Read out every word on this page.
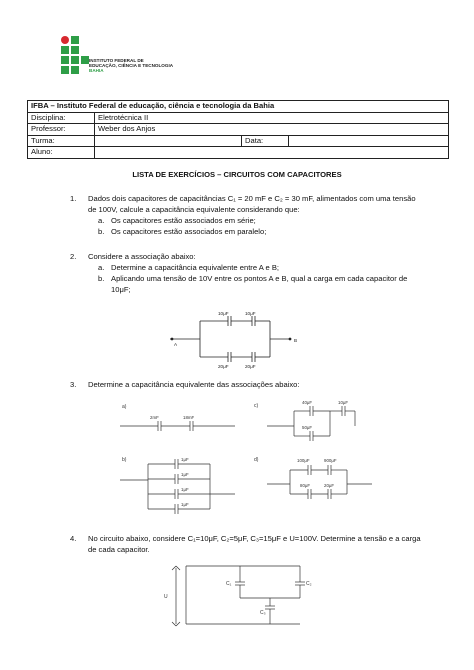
INSTITUTO FEDERAL DE
EDUCAÇÃO, CIÊNCIA E TECNOLOGIA
BAHIA
IFBA – Instituto Federal de educação, ciência e tecnologia da Bahia			
Disciplina:	Eletrotécnica II		
Professor:	Weber dos Anjos		
Turma:		Data:	
Aluno:			
LISTA DE EXERCÍCIOS – CIRCUITOS COM CAPACITORES
1. Dados dois capacitores de capacitâncias C₁ = 20 mF e C₂ = 30 mF, alimentados com uma tensão
de 100V, calcule a capacitância equivalente considerando que:
a. Os capacitores estão associados em série;
b. Os capacitores estão associados em paralelo;
2. Considere a associação abaixo:
a. Determine a capacitância equivalente entre A e B;
b. Aplicando uma tensão de 10V entre os pontos A e B, qual a carga em cada capacitor de
10μF;
10μF	10μF
20μF	20μF
A
B
3. Determine a capacitância equivalente das associações abaixo:
a)
2mF	18mF
c)
40μF
50μF
10μF
b)	1μF
1μF
1μF
1μF
d)	100μF	900μF
80μF	20μF
4. No circuito abaixo, considere C₁=10μF, C₂=5μF, C₃=15μF e U=100V. Determine a tensão e a carga
de cada capacitor.
U
C₁	C₂
C₃
